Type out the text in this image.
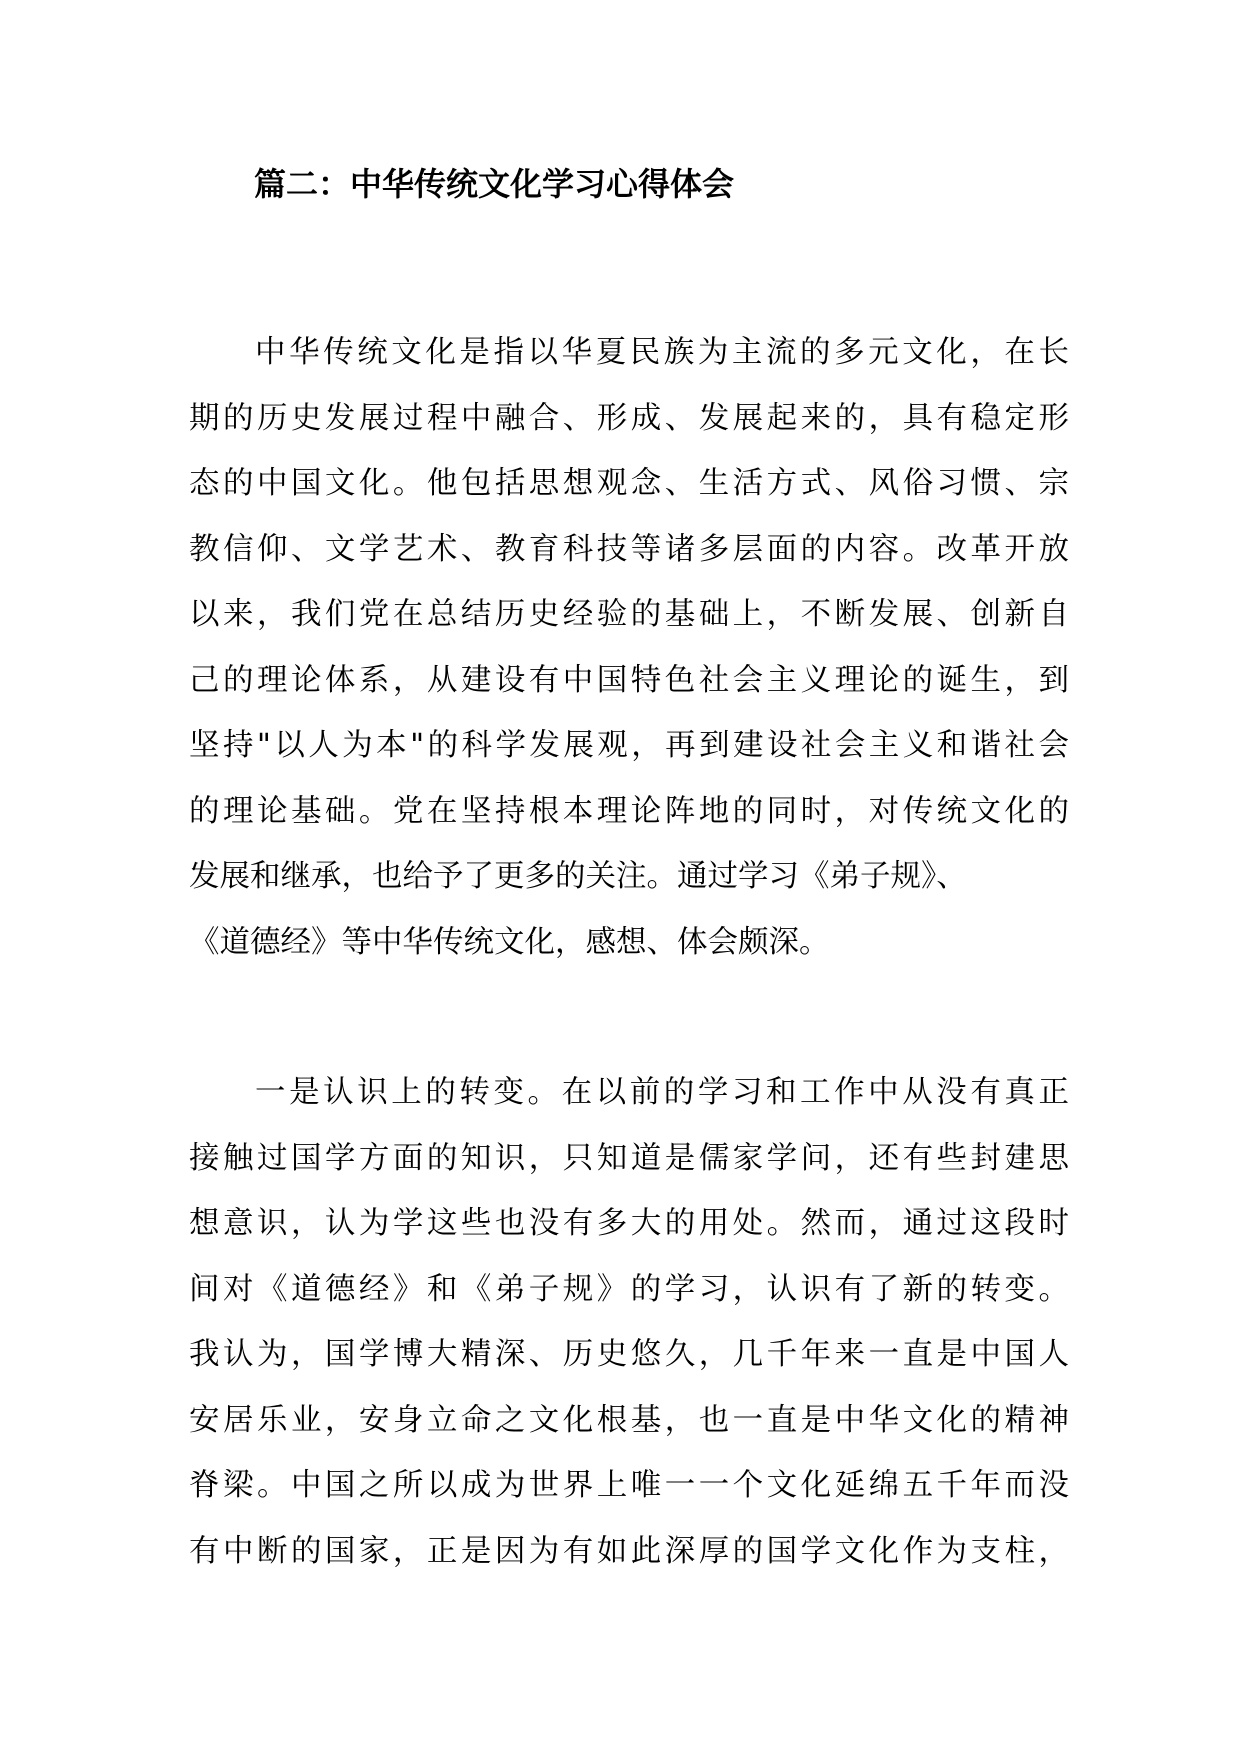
篇二：中华传统文化学习心得体会
中华传统文化是指以华夏民族为主流的多元文化，在长
期的历史发展过程中融合、形成、发展起来的，具有稳定形
态的中国文化。他包括思想观念、生活方式、风俗习惯、宗
教信仰、文学艺术、教育科技等诸多层面的内容。改革开放
以来，我们党在总结历史经验的基础上，不断发展、创新自
己的理论体系，从建设有中国特色社会主义理论的诞生，到
坚持"以人为本"的科学发展观，再到建设社会主义和谐社会
的理论基础。党在坚持根本理论阵地的同时，对传统文化的
发展和继承，也给予了更多的关注。通过学习《弟子规》、
《道德经》等中华传统文化，感想、体会颇深。
一是认识上的转变。在以前的学习和工作中从没有真正
接触过国学方面的知识，只知道是儒家学问，还有些封建思
想意识，认为学这些也没有多大的用处。然而，通过这段时
间对《道德经》和《弟子规》的学习，认识有了新的转变。
我认为，国学博大精深、历史悠久，几千年来一直是中国人
安居乐业，安身立命之文化根基，也一直是中华文化的精神
脊梁。中国之所以成为世界上唯一一个文化延绵五千年而没
有中断的国家，正是因为有如此深厚的国学文化作为支柱，
